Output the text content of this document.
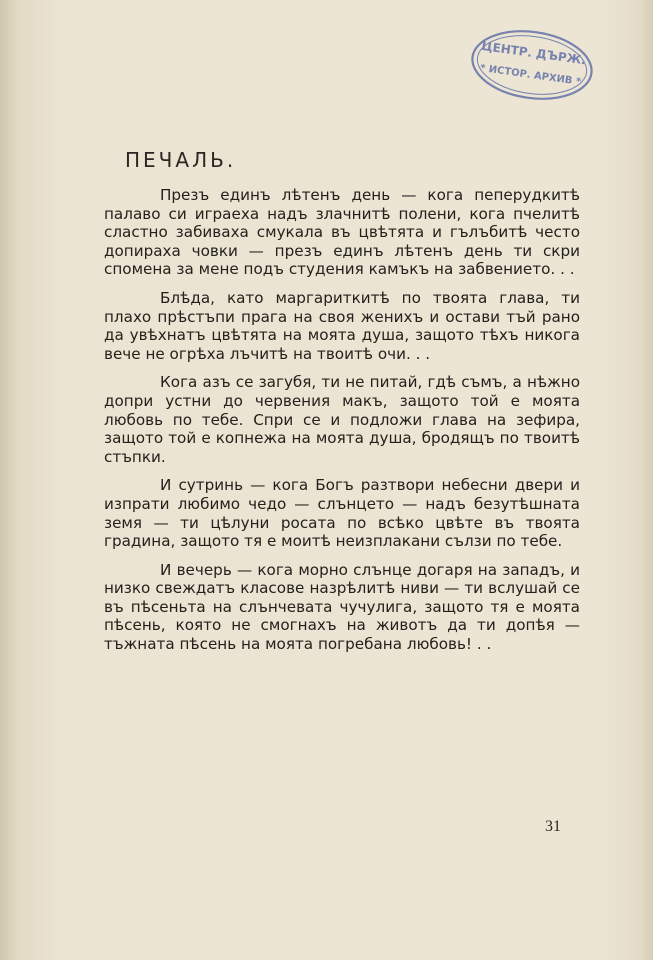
ЦЕНТР. ДЪРЖ.
* ИСТОР. АРХИВ *
ПЕЧАЛЬ.

Презъ единъ лѣтенъ день — кога пеперудкитѣ палаво си играеха надъ злачнитѣ полени, кога пчелитѣ сластно забиваха смукала въ цвѣтята и гълъбитѣ често допираха човки — презъ единъ лѣтенъ день ти скри спомена за мене подъ студения камъкъ на забвението. . .

Блѣда, като маргариткитѣ по твоята глава, ти плахо прѣстъпи прага на своя женихъ и остави тъй рано да увѣхнатъ цвѣтята на моята душа, защото тѣхъ никога вече не огрѣха лъчитѣ на твоитѣ очи. . .

Кога азъ се загубя, ти не питай, гдѣ съмъ, а нѣжно допри устни до червения макъ, защото той е моята любовь по тебе. Спри се и подложи глава на зефира, защото той е копнежа на моята душа, бродящъ по твоитѣ стъпки.

И сутринь — кога Богъ разтвори небесни двери и изпрати любимо чедо — слънцето — надъ безутѣшната земя — ти цѣлуни росата по всѣко цвѣте въ твоята градина, защото тя е моитѣ неизплакани сълзи по тебе.

И вечерь — кога морно слънце догаря на западъ, и низко свеждатъ класове назрѣлитѣ ниви — ти вслушай се въ пѣсеньта на слънчевата чучулига, защото тя е моята пѣсень, която не смогнахъ на животъ да ти допѣя — тъжната пѣсень на моята погребана любовь! . .

31
